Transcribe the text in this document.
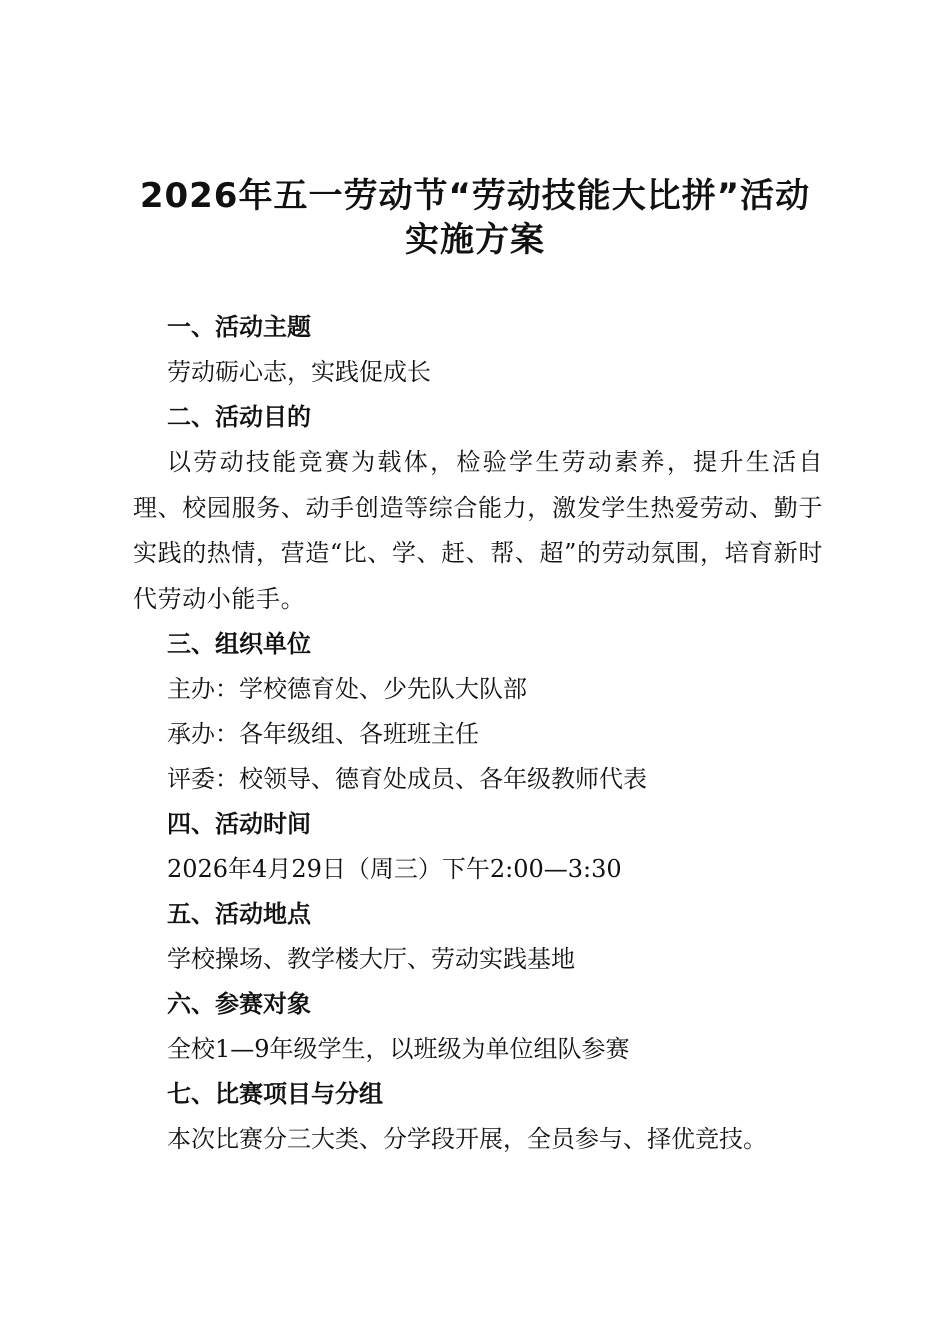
2026年五一劳动节“劳动技能大比拼”活动
实施方案

一、活动主题

劳动砺心志，实践促成长

二、活动目的

以劳动技能竞赛为载体，检验学生劳动素养，提升生活自理、校园服务、动手创造等综合能力，激发学生热爱劳动、勤于实践的热情，营造“比、学、赶、帮、超”的劳动氛围，培育新时代劳动小能手。

三、组织单位

主办：学校德育处、少先队大队部

承办：各年级组、各班班主任

评委：校领导、德育处成员、各年级教师代表

四、活动时间

2026年4月29日（周三）下午2:00—3:30

五、活动地点

学校操场、教学楼大厅、劳动实践基地

六、参赛对象

全校1—9年级学生，以班级为单位组队参赛

七、比赛项目与分组

本次比赛分三大类、分学段开展，全员参与、择优竞技。
